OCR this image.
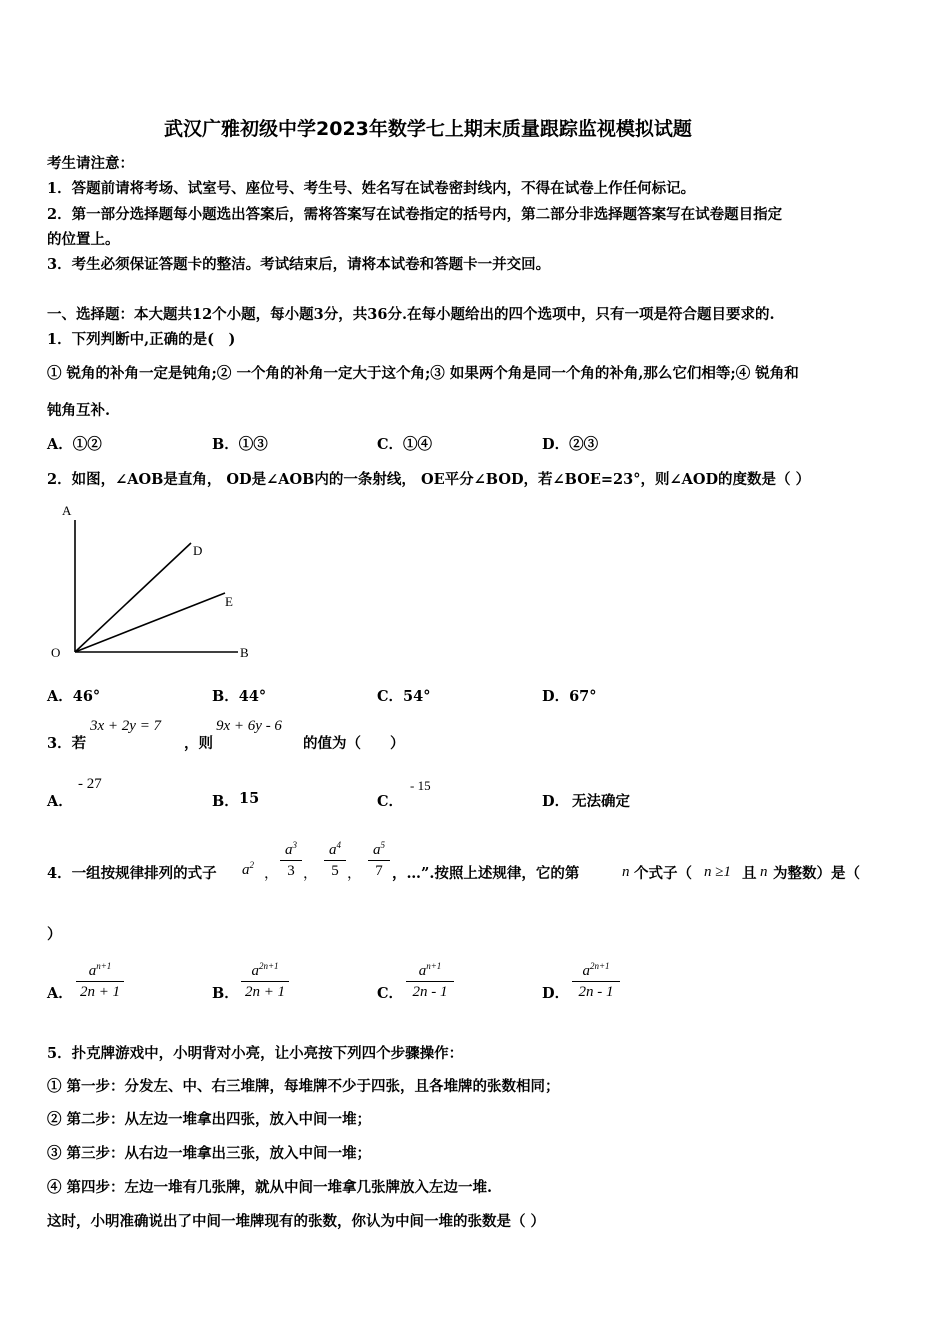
武汉广雅初级中学2023年数学七上期末质量跟踪监视模拟试题
考生请注意：
1．答题前请将考场、试室号、座位号、考生号、姓名写在试卷密封线内，不得在试卷上作任何标记。
2．第一部分选择题每小题选出答案后，需将答案写在试卷指定的括号内，第二部分非选择题答案写在试卷题目指定
的位置上。
3．考生必须保证答题卡的整洁。考试结束后，请将本试卷和答题卡一并交回。
一、选择题：本大题共12个小题，每小题3分，共36分.在每小题给出的四个选项中，只有一项是符合题目要求的.
1．下列判断中,正确的是(　)
① 锐角的补角一定是钝角;② 一个角的补角一定大于这个角;③ 如果两个角是同一个角的补角,那么它们相等;④ 锐角和
钝角互补.
A．①②	B．①③	C．①④	D．②③
2．如图，∠AOB是直角， OD是∠AOB内的一条射线， OE平分∠BOD，若∠BOE=23°，则∠AOD的度数是（ ）
A
D
E
O	B
A．46°	B．44°	C．54°	D．67°
3．若
3x + 2y = 7
，则
9x + 6y - 6
的值为（　　）
A．
- 27
B． 15	C．
- 15
D． 无法确定
4．一组按规律排列的式子 $a^2$
，
$a^3$
3 ，
$a^4$
5 ，
$a^5$
7 ，…”.按照上述规律，它的第	n 个式子（ n ≥1 且 n 为整数）是（
）
A．
$a^{n+1}$
2n + 1	B．
$a^{2n+1}$
2n + 1	C．
$a^{n+1}$
2n - 1	D．
$a^{2n+1}$
2n - 1
5．扑克牌游戏中，小明背对小亮，让小亮按下列四个步骤操作：
① 第一步：分发左、中、右三堆牌，每堆牌不少于四张，且各堆牌的张数相同；
② 第二步：从左边一堆拿出四张，放入中间一堆；
③ 第三步：从右边一堆拿出三张，放入中间一堆；
④ 第四步：左边一堆有几张牌，就从中间一堆拿几张牌放入左边一堆.
这时，小明准确说出了中间一堆牌现有的张数，你认为中间一堆的张数是（ ）
